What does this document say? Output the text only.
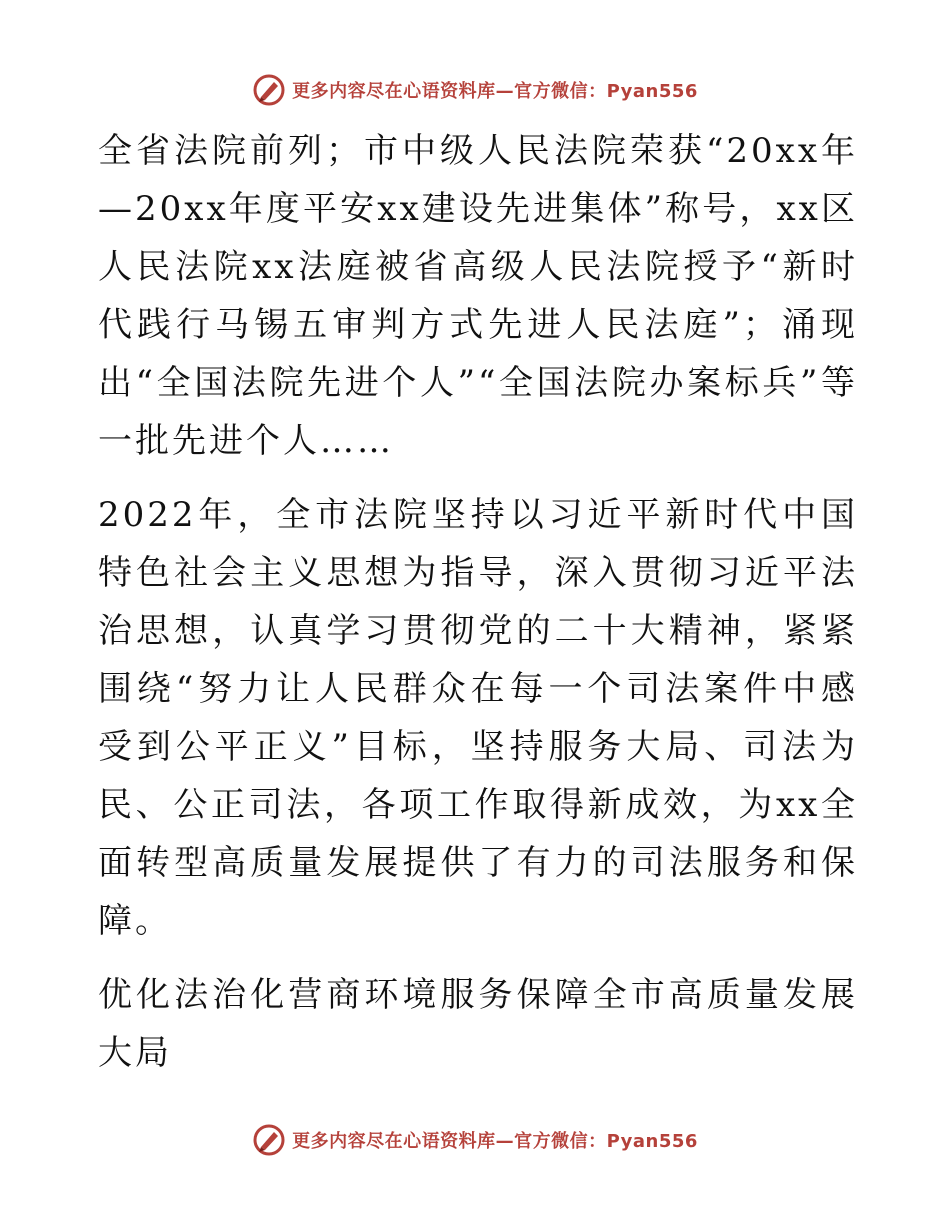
更多内容尽在心语资料库—官方微信：Pyan556

全省法院前列；市中级人民法院荣获“20xx年—20xx年度平安xx建设先进集体”称号，xx区人民法院xx法庭被省高级人民法院授予“新时代践行马锡五审判方式先进人民法庭”；涌现出“全国法院先进个人”“全国法院办案标兵”等一批先进个人……

2022年，全市法院坚持以习近平新时代中国特色社会主义思想为指导，深入贯彻习近平法治思想，认真学习贯彻党的二十大精神，紧紧围绕“努力让人民群众在每一个司法案件中感受到公平正义”目标，坚持服务大局、司法为民、公正司法，各项工作取得新成效，为xx全面转型高质量发展提供了有力的司法服务和保障。

优化法治化营商环境服务保障全市高质量发展大局

更多内容尽在心语资料库—官方微信：Pyan556
